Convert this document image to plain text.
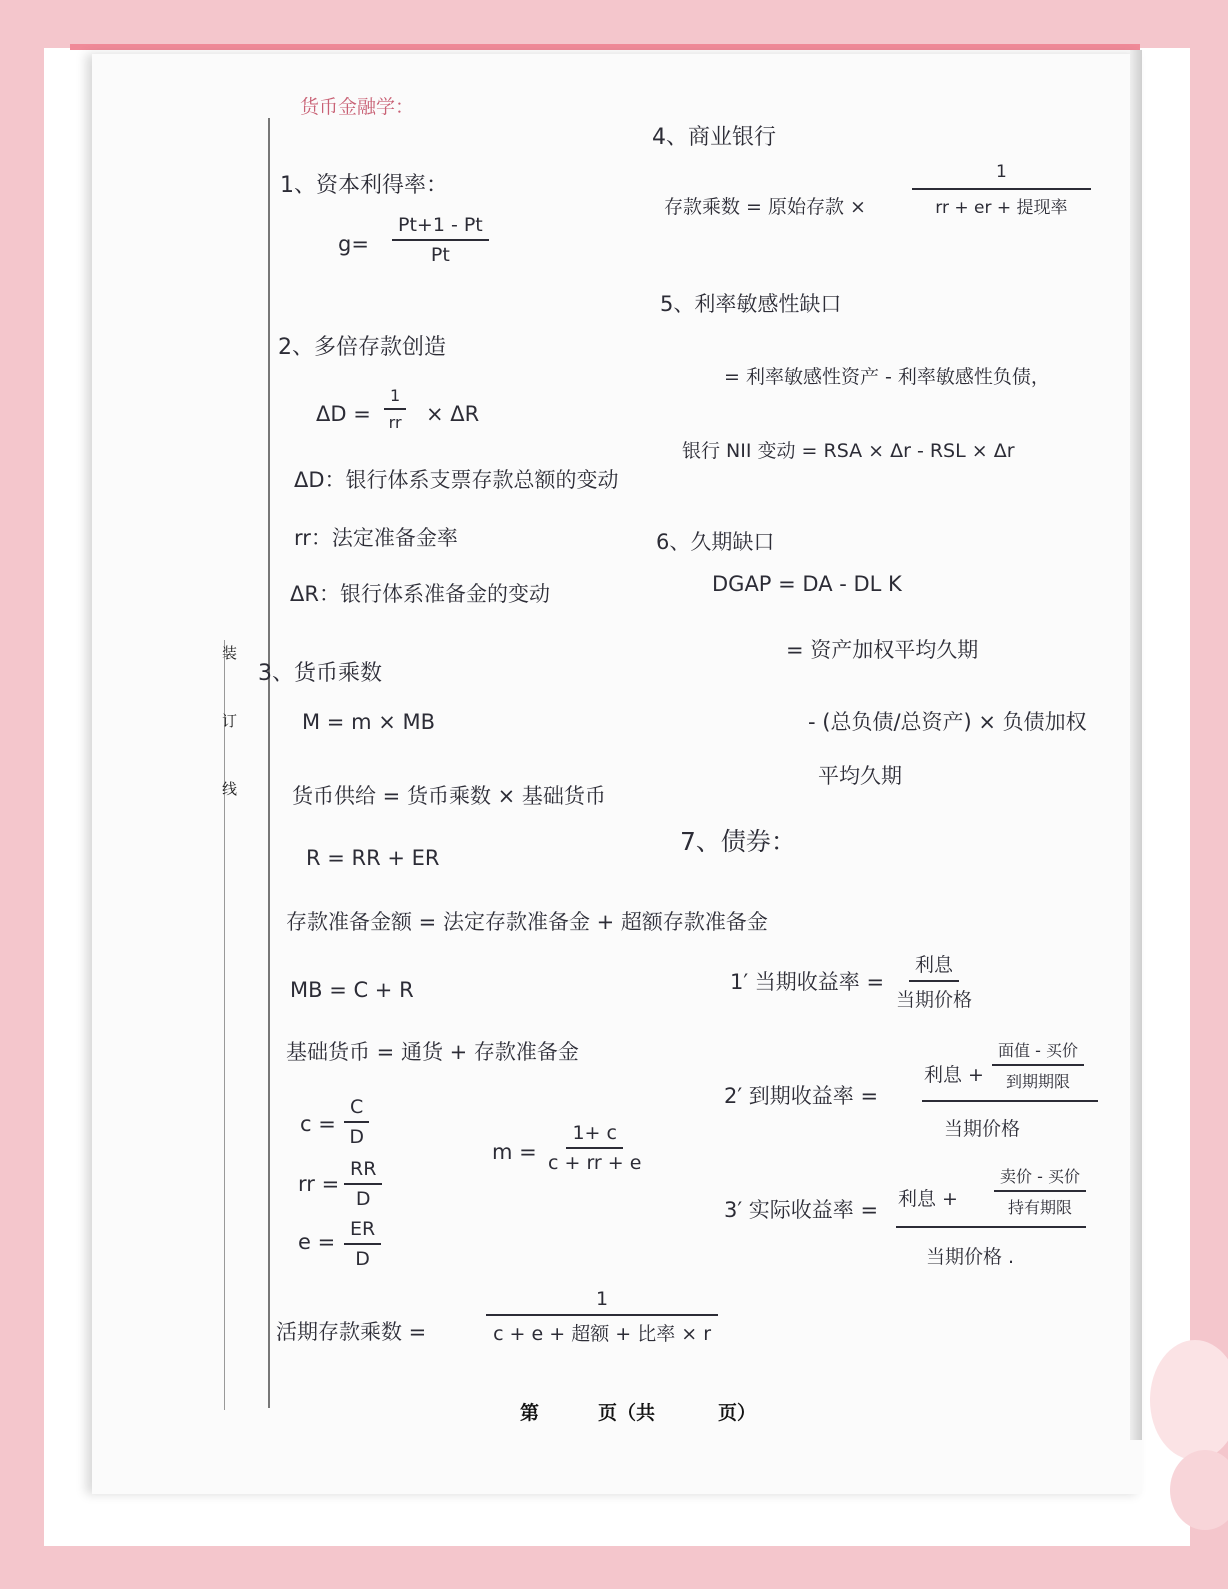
装
订
线
货币金融学：
1、资本利得率：
$g= \frac{Pt+1 - Pt}{Pt}$
2、多倍存款创造
$\Delta D = \frac{1}{rr} \times \Delta R$
ΔD：银行体系支票存款总额的变动
rr：法定准备金率
ΔR：银行体系准备金的变动
3、货币乘数
M = m × MB
货币供给 = 货币乘数 × 基础货币
R = RR + ER
存款准备金额 = 法定存款准备金 + 超额存款准备金
MB = C + R
基础货币 = 通货 + 存款准备金
$c = \frac{C}{D}$
rr = $\frac{RR}{D}$
$e = \frac{ER}{D}$
$m = \frac{1+ c}{c + rr + e}$
活期存款乘数 =
1
c + e + 超额 + 比率 × r
4、商业银行
存款乘数 = 原始存款 ×
1
rr + er + 提现率
5、利率敏感性缺口
= 利率敏感性资产 - 利率敏感性负债，
银行 NII 变动 = RSA × Δr - RSL × Δr
6、久期缺口
DGAP = DA - DL K
= 资产加权平均久期
- (总负债/总资产) × 负债加权
平均久期
7、债券：
1′ 当期收益率 =
利息
当期价格
2′ 到期收益率 =
利息 +
面值 - 买价
到期期限
当期价格
3′ 实际收益率 = 利息 +
卖价 - 买价
持有期限
当期价格 .
第	页（共	页）
